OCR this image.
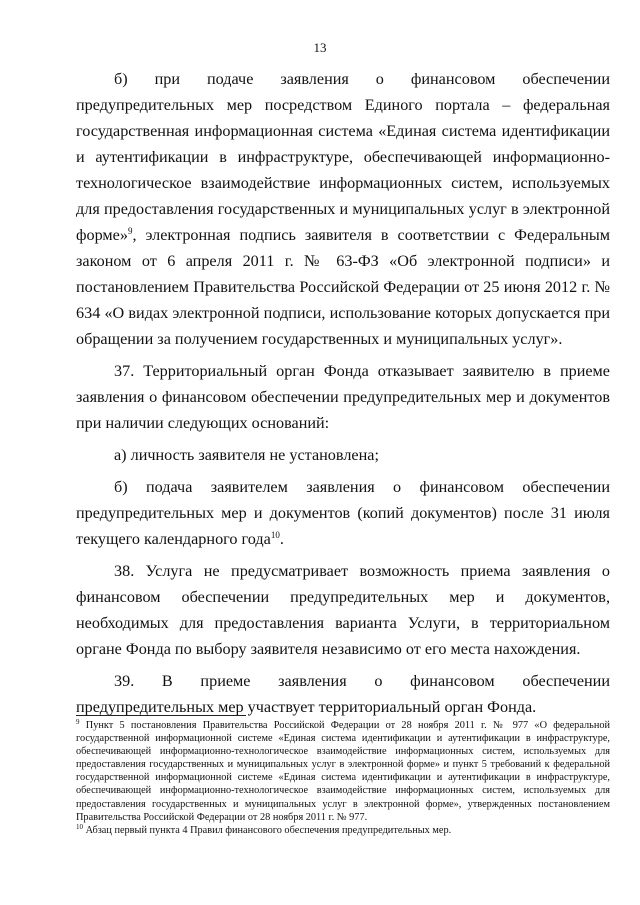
13

б) при подаче заявления о финансовом обеспечении предупредительных мер посредством Единого портала – федеральная государственная информационная система «Единая система идентификации и аутентификации в инфраструктуре, обеспечивающей информационно-технологическое взаимодействие информационных систем, используемых для предоставления государственных и муниципальных услуг в электронной форме»$^9$, электронная подпись заявителя в соответствии с Федеральным законом от 6 апреля 2011 г. № 63-ФЗ «Об электронной подписи» и постановлением Правительства Российской Федерации от 25 июня 2012 г. № 634 «О видах электронной подписи, использование которых допускается при обращении за получением государственных и муниципальных услуг».

37. Территориальный орган Фонда отказывает заявителю в приеме заявления о финансовом обеспечении предупредительных мер и документов при наличии следующих оснований:

а) личность заявителя не установлена;

б) подача заявителем заявления о финансовом обеспечении предупредительных мер и документов (копий документов) после 31 июля текущего календарного года$^{10}$.

38. Услуга не предусматривает возможность приема заявления о финансовом обеспечении предупредительных мер и документов, необходимых для предоставления варианта Услуги, в территориальном органе Фонда по выбору заявителя независимо от его места нахождения.

39. В приеме заявления о финансовом обеспечении предупредительных мер участвует территориальный орган Фонда.

$^9$ Пункт 5 постановления Правительства Российской Федерации от 28 ноября 2011 г. № 977 «О федеральной государственной информационной системе «Единая система идентификации и аутентификации в инфраструктуре, обеспечивающей информационно-технологическое взаимодействие информационных систем, используемых для предоставления государственных и муниципальных услуг в электронной форме» и пункт 5 требований к федеральной государственной информационной системе «Единая система идентификации и аутентификации в инфраструктуре, обеспечивающей информационно-технологическое взаимодействие информационных систем, используемых для предоставления государственных и муниципальных услуг в электронной форме», утвержденных постановлением Правительства Российской Федерации от 28 ноября 2011 г. № 977.

$^{10}$ Абзац первый пункта 4 Правил финансового обеспечения предупредительных мер.
